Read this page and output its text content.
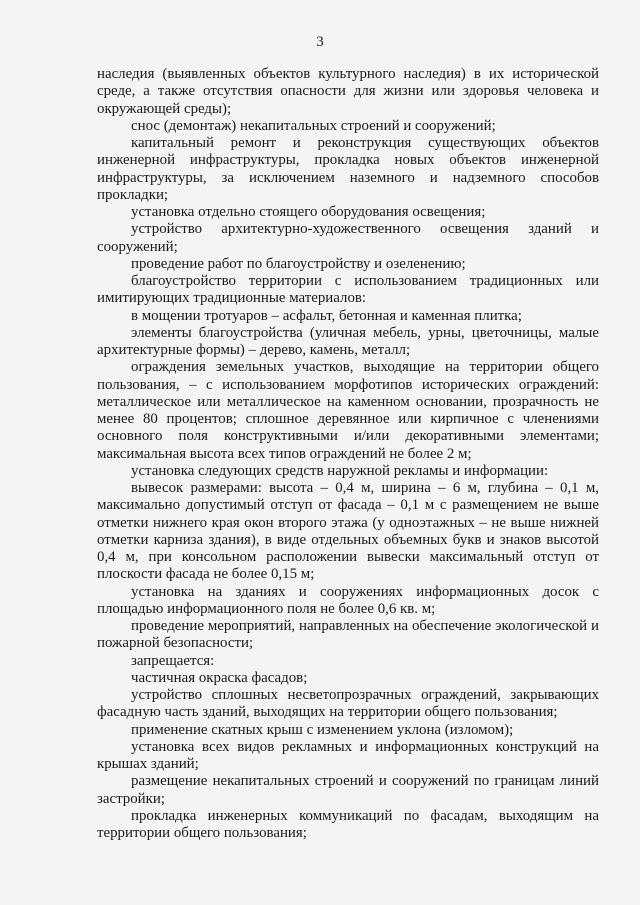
3

наследия (выявленных объектов культурного наследия) в их исторической среде, а также отсутствия опасности для жизни или здоровья человека и окружающей среды);

снос (демонтаж) некапитальных строений и сооружений;

капитальный ремонт и реконструкция существующих объектов инженерной инфраструктуры, прокладка новых объектов инженерной инфраструктуры, за исключением наземного и надземного способов прокладки;

установка отдельно стоящего оборудования освещения;

устройство архитектурно-художественного освещения зданий и сооружений;

проведение работ по благоустройству и озеленению;

благоустройство территории с использованием традиционных или имитирующих традиционные материалов:

в мощении тротуаров – асфальт, бетонная и каменная плитка;

элементы благоустройства (уличная мебель, урны, цветочницы, малые архитектурные формы) – дерево, камень, металл;

ограждения земельных участков, выходящие на территории общего пользования, – с использованием морфотипов исторических ограждений: металлическое или металлическое на каменном основании, прозрачность не менее 80 процентов; сплошное деревянное или кирпичное с членениями основного поля конструктивными и/или декоративными элементами; максимальная высота всех типов ограждений не более 2 м;

установка следующих средств наружной рекламы и информации:

вывесок размерами: высота – 0,4 м, ширина – 6 м, глубина – 0,1 м, максимально допустимый отступ от фасада – 0,1 м с размещением не выше отметки нижнего края окон второго этажа (у одноэтажных – не выше нижней отметки карниза здания), в виде отдельных объемных букв и знаков высотой 0,4 м, при консольном расположении вывески максимальный отступ от плоскости фасада не более 0,15 м;

установка на зданиях и сооружениях информационных досок с площадью информационного поля не более 0,6 кв. м;

проведение мероприятий, направленных на обеспечение экологической и пожарной безопасности;

запрещается:

частичная окраска фасадов;

устройство сплошных несветопрозрачных ограждений, закрывающих фасадную часть зданий, выходящих на территории общего пользования;

применение скатных крыш с изменением уклона (изломом);

установка всех видов рекламных и информационных конструкций на крышах зданий;

размещение некапитальных строений и сооружений по границам линий застройки;

прокладка инженерных коммуникаций по фасадам, выходящим на территории общего пользования;
